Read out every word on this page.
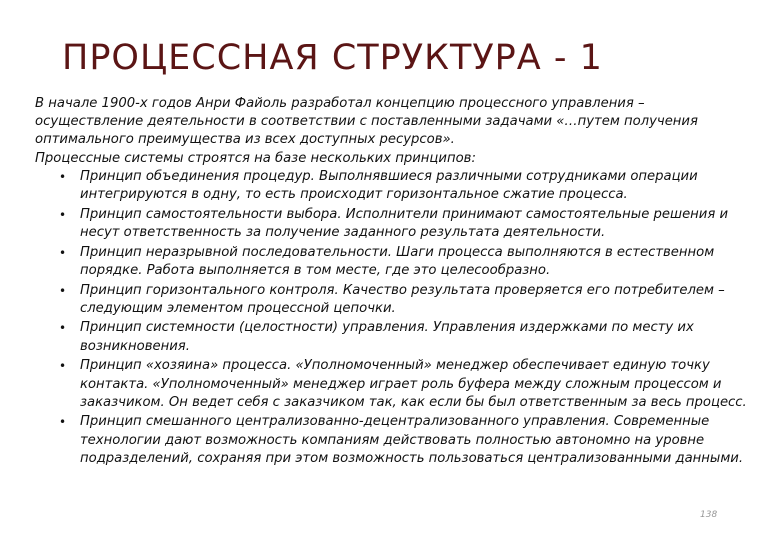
ПРОЦЕССНАЯ СТРУКТУРА - 1

В начале 1900-х годов Анри Файоль разработал концепцию процессного управления – осуществление деятельности в соответствии с поставленными задачами «…путем получения оптимального преимущества из всех доступных ресурсов».

Процессные системы строятся на базе нескольких принципов:

• Принцип объединения процедур. Выполнявшиеся различными сотрудниками операции интегрируются в одну, то есть происходит горизонтальное сжатие процесса.
• Принцип самостоятельности выбора. Исполнители принимают самостоятельные решения и несут ответственность за получение заданного результата деятельности.
• Принцип неразрывной последовательности. Шаги процесса выполняются в естественном порядке. Работа выполняется в том месте, где это целесообразно.
• Принцип горизонтального контроля. Качество результата проверяется его потребителем – следующим элементом процессной цепочки.
• Принцип системности (целостности) управления. Управления издержками по месту их возникновения.
• Принцип «хозяина» процесса. «Уполномоченный» менеджер обеспечивает единую точку контакта. «Уполномоченный» менеджер играет роль буфера между сложным процессом и заказчиком. Он ведет себя с заказчиком так, как если бы был ответственным за весь процесс.
• Принцип смешанного централизованно-децентрализованного управления. Современные технологии дают возможность компаниям действовать полностью автономно на уровне подразделений, сохраняя при этом возможность пользоваться централизованными данными.
138
